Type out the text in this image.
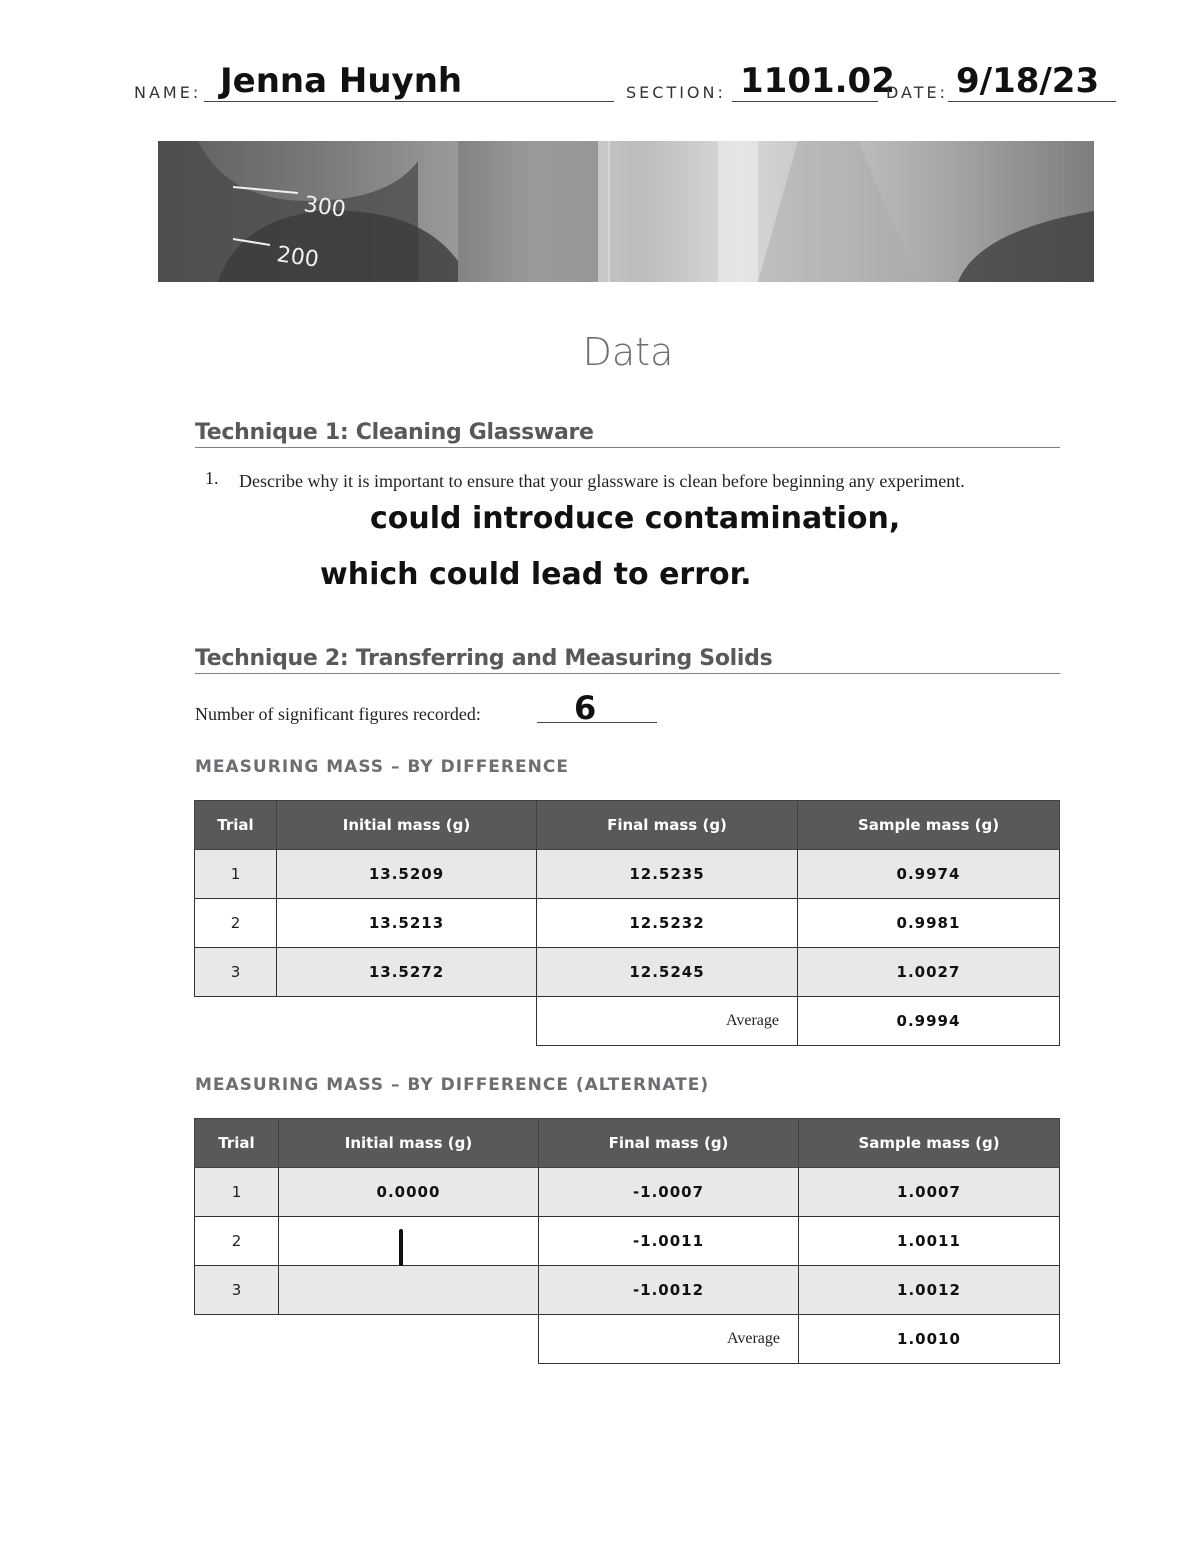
NAME: Jenna Huynh	SECTION: 1101.02
DATE: 9/18/23
300
200
Data
Technique 1: Cleaning Glassware
1. Describe why it is important to ensure that your glassware is clean before beginning any experiment.
could introduce contamination,
which could lead to error.
Technique 2: Transferring and Measuring Solids
Number of significant figures recorded:	6
MEASURING MASS – BY DIFFERENCE
Trial	Initial mass (g)	Final mass (g)	Sample mass (g)
1	13.5209	12.5235	0.9974
2	13.5213	12.5232	0.9981
3	13.5272	12.5245	1.0027
		Average	0.9994
MEASURING MASS – BY DIFFERENCE (ALTERNATE)
Trial	Initial mass (g)	Final mass (g)	Sample mass (g)
1	0.0000	-1.0007	1.0007
2		-1.0011	1.0011
3		-1.0012	1.0012
		Average	1.0010
